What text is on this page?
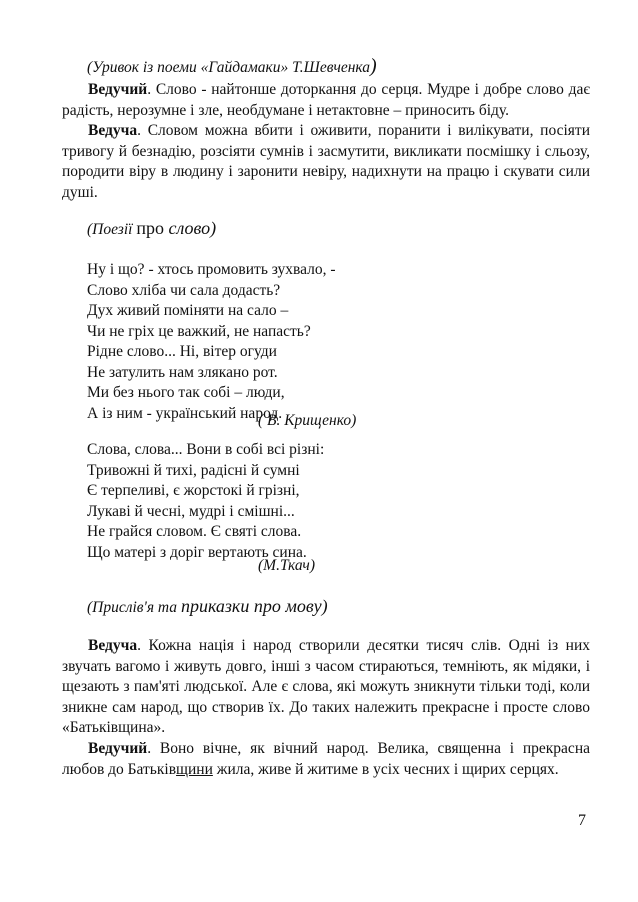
(Уривок із поеми «Гайдамаки» Т.Шевченка)

Ведучий. Слово - найтонше доторкання до серця. Мудре і добре слово дає радість, нерозумне і зле, необдумане і нетактовне – приносить біду.

Ведуча. Словом можна вбити і оживити, поранити і вилікувати, посіяти тривогу й безнадію, розсіяти сумнів і засмутити, викликати посмішку і сльозу, породити віру в людину і заронити невіру, надихнути на працю і скувати сили душі.

(Поезії про слово)
Ну і що? - хтось промовить зухвало, -
Слово хліба чи сала додасть?
Дух живий поміняти на сало –
Чи не гріх це важкий, не напасть?
Рідне слово... Ні, вітер огуди
Не затулить нам злякано рот.
Ми без нього так собі – люди,
А із ним - український народ.
( В. Крищенко)
Слова, слова... Вони в собі всі різні:
Тривожні й тихі, радісні й сумні
Є терпеливі, є жорстокі й грізні,
Лукаві й чесні, мудрі і смішні...
Не грайся словом. Є святі слова.
Що матері з доріг вертають сина.
(М.Ткач)
(Прислів'я та приказки про мову)

Ведуча. Кожна нація і народ створили десятки тисяч слів. Одні із них звучать вагомо і живуть довго, інші з часом стираються, темніють, як мідяки, і щезають з пам'яті людської. Але є слова, які можуть зникнути тільки тоді, коли зникне сам народ, що створив їх. До таких належить прекрасне і просте слово «Батьківщина».

Ведучий. Воно вічне, як вічний народ. Велика, священна і прекрасна любов до Батьківщини жила, живе й житиме в усіх чесних і щирих серцях.

7
